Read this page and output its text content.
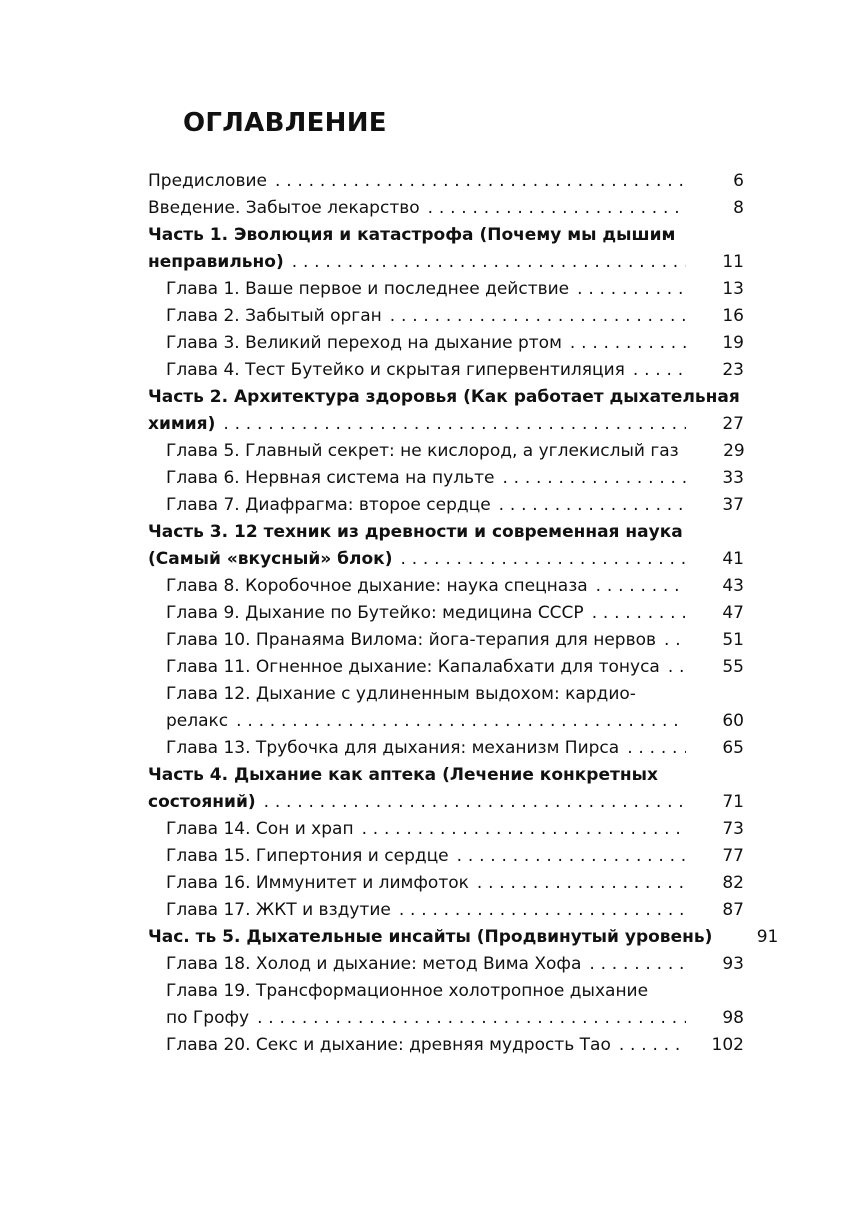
ОГЛАВЛЕНИЕ
Предисловие . . .	6
Введение. Забытое лекарство . . .	8
Часть 1. Эволюция и катастрофа (Почему мы дышим
неправильно) . . .	11
Глава 1. Ваше первое и последнее действие . . .	13
Глава 2. Забытый орган . . .	16
Глава 3. Великий переход на дыхание ртом . . .	19
Глава 4. Тест Бутейко и скрытая гипервентиляция . . .	23
Часть 2. Архитектура здоровья (Как работает дыхательная
химия) . . .	27
Глава 5. Главный секрет: не кислород, а углекислый газ	29
Глава 6. Нервная система на пульте . . .	33
Глава 7. Диафрагма: второе сердце . . .	37
Часть 3. 12 техник из древности и современная наука
(Самый «вкусный» блок) . . .	41
Глава 8. Коробочное дыхание: наука спецназа . . .	43
Глава 9. Дыхание по Бутейко: медицина СССР . . .	47
Глава 10. Пранаяма Вилома: йога-терапия для нервов . . .	51
Глава 11. Огненное дыхание: Капалабхати для тонуса . . .	55
Глава 12. Дыхание с удлиненным выдохом: кардио-
релакс . . .	60
Глава 13. Трубочка для дыхания: механизм Пирса . . .	65
Часть 4. Дыхание как аптека (Лечение конкретных
состояний) . . .	71
Глава 14. Сон и храп . . .	73
Глава 15. Гипертония и сердце . . .	77
Глава 16. Иммунитет и лимфоток . . .	82
Глава 17. ЖКТ и вздутие . . .	87
Час. ть 5. Дыхательные инсайты (Продвинутый уровень)	91
Глава 18. Холод и дыхание: метод Вима Хофа . . .	93
Глава 19. Трансформационное холотропное дыхание
по Грофу . . .	98
Глава 20. Секс и дыхание: древняя мудрость Тао . . .	102
